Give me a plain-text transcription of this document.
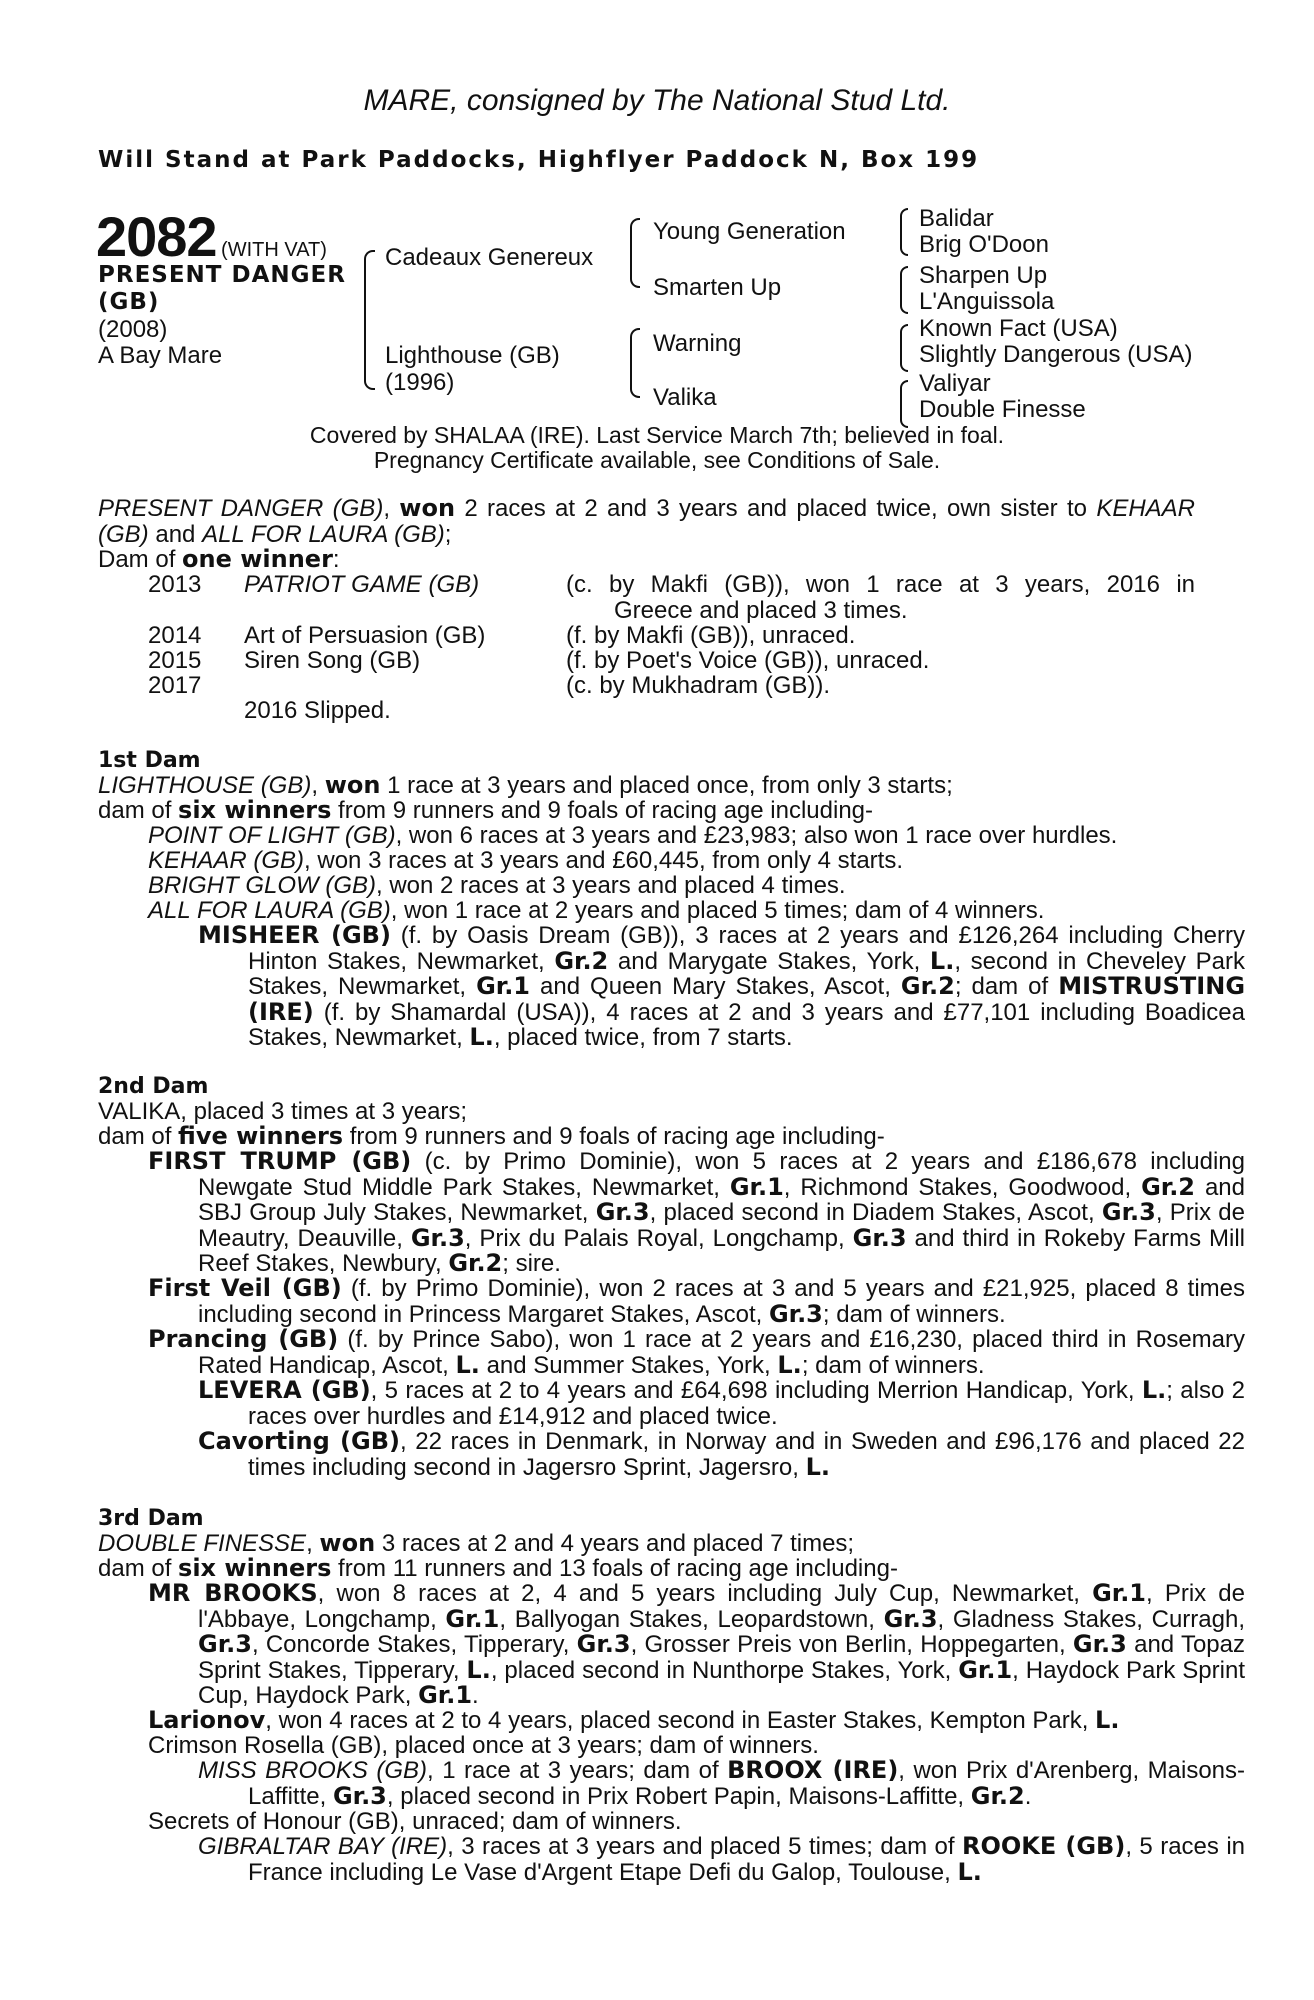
MARE, consigned by The National Stud Ltd.
Will Stand at Park Paddocks, Highflyer Paddock N, Box 199
2082 (WITH VAT)
PRESENT DANGER
(GB)
(2008)
A Bay Mare
Cadeaux Genereux
Lighthouse (GB)
(1996)
Young Generation
Smarten Up
Warning
Valika
Balidar
Brig O'Doon
Sharpen Up
L'Anguissola
Known Fact (USA)
Slightly Dangerous (USA)
Valiyar
Double Finesse
Covered by SHALAA (IRE). Last Service March 7th; believed in foal.
Pregnancy Certificate available, see Conditions of Sale.
PRESENT DANGER (GB), won 2 races at 2 and 3 years and placed twice, own sister to KEHAAR (GB) and ALL FOR LAURA (GB);
Dam of one winner:
2013 PATRIOT GAME (GB)	(c. by Makfi (GB)), won 1 race at 3 years, 2016 in
Greece and placed 3 times.
2014 Art of Persuasion (GB)	(f. by Makfi (GB)), unraced.
2015 Siren Song (GB)	(f. by Poet's Voice (GB)), unraced.
2017	(c. by Mukhadram (GB)).
2016 Slipped.
1st Dam
LIGHTHOUSE (GB), won 1 race at 3 years and placed once, from only 3 starts;
dam of six winners from 9 runners and 9 foals of racing age including-
POINT OF LIGHT (GB), won 6 races at 3 years and £23,983; also won 1 race over hurdles.
KEHAAR (GB), won 3 races at 3 years and £60,445, from only 4 starts.
BRIGHT GLOW (GB), won 2 races at 3 years and placed 4 times.
ALL FOR LAURA (GB), won 1 race at 2 years and placed 5 times; dam of 4 winners.
MISHEER (GB) (f. by Oasis Dream (GB)), 3 races at 2 years and £126,264 including Cherry Hinton Stakes, Newmarket, Gr.2 and Marygate Stakes, York, L., second in Cheveley Park Stakes, Newmarket, Gr.1 and Queen Mary Stakes, Ascot, Gr.2; dam of MISTRUSTING (IRE) (f. by Shamardal (USA)), 4 races at 2 and 3 years and £77,101 including Boadicea Stakes, Newmarket, L., placed twice, from 7 starts.
2nd Dam
VALIKA, placed 3 times at 3 years;
dam of five winners from 9 runners and 9 foals of racing age including-
FIRST TRUMP (GB) (c. by Primo Dominie), won 5 races at 2 years and £186,678 including Newgate Stud Middle Park Stakes, Newmarket, Gr.1, Richmond Stakes, Goodwood, Gr.2 and SBJ Group July Stakes, Newmarket, Gr.3, placed second in Diadem Stakes, Ascot, Gr.3, Prix de Meautry, Deauville, Gr.3, Prix du Palais Royal, Longchamp, Gr.3 and third in Rokeby Farms Mill Reef Stakes, Newbury, Gr.2; sire.
First Veil (GB) (f. by Primo Dominie), won 2 races at 3 and 5 years and £21,925, placed 8 times including second in Princess Margaret Stakes, Ascot, Gr.3; dam of winners.
Prancing (GB) (f. by Prince Sabo), won 1 race at 2 years and £16,230, placed third in Rosemary Rated Handicap, Ascot, L. and Summer Stakes, York, L.; dam of winners.
LEVERA (GB), 5 races at 2 to 4 years and £64,698 including Merrion Handicap, York, L.; also 2 races over hurdles and £14,912 and placed twice.
Cavorting (GB), 22 races in Denmark, in Norway and in Sweden and £96,176 and placed 22 times including second in Jagersro Sprint, Jagersro, L.
3rd Dam
DOUBLE FINESSE, won 3 races at 2 and 4 years and placed 7 times;
dam of six winners from 11 runners and 13 foals of racing age including-
MR BROOKS, won 8 races at 2, 4 and 5 years including July Cup, Newmarket, Gr.1, Prix de l'Abbaye, Longchamp, Gr.1, Ballyogan Stakes, Leopardstown, Gr.3, Gladness Stakes, Curragh, Gr.3, Concorde Stakes, Tipperary, Gr.3, Grosser Preis von Berlin, Hoppegarten, Gr.3 and Topaz Sprint Stakes, Tipperary, L., placed second in Nunthorpe Stakes, York, Gr.1, Haydock Park Sprint Cup, Haydock Park, Gr.1.
Larionov, won 4 races at 2 to 4 years, placed second in Easter Stakes, Kempton Park, L.
Crimson Rosella (GB), placed once at 3 years; dam of winners.
MISS BROOKS (GB), 1 race at 3 years; dam of BROOX (IRE), won Prix d'Arenberg, Maisons-Laffitte, Gr.3, placed second in Prix Robert Papin, Maisons-Laffitte, Gr.2.
Secrets of Honour (GB), unraced; dam of winners.
GIBRALTAR BAY (IRE), 3 races at 3 years and placed 5 times; dam of ROOKE (GB), 5 races in France including Le Vase d'Argent Etape Defi du Galop, Toulouse, L.
